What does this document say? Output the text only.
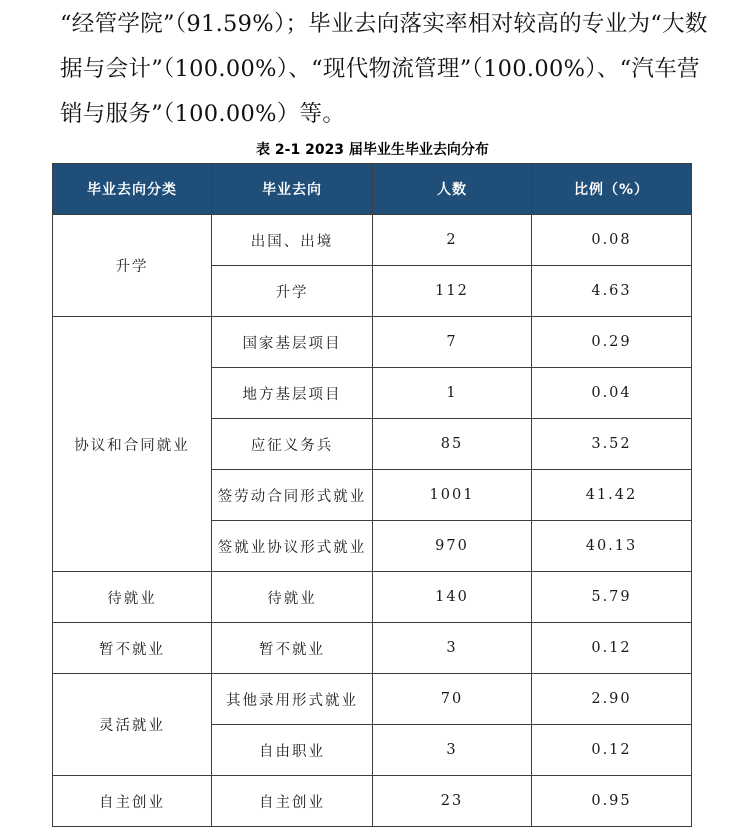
“经管学院”（91.59%）；毕业去向落实率相对较高的专业为“大数
据与会计”（100.00%）、“现代物流管理”（100.00%）、“汽车营
销与服务”（100.00%）等。

表 2-1 2023 届毕业生毕业去向分布
毕业去向分类	毕业去向	人数	比例（%）
升学	出国、出境	2	0.08
	升学	112	4.63
协议和合同就业	国家基层项目	7	0.29
	地方基层项目	1	0.04
	应征义务兵	85	3.52
	签劳动合同形式就业	1001	41.42
	签就业协议形式就业	970	40.13
待就业	待就业	140	5.79
暂不就业	暂不就业	3	0.12
灵活就业	其他录用形式就业	70	2.90
	自由职业	3	0.12
自主创业	自主创业	23	0.95
